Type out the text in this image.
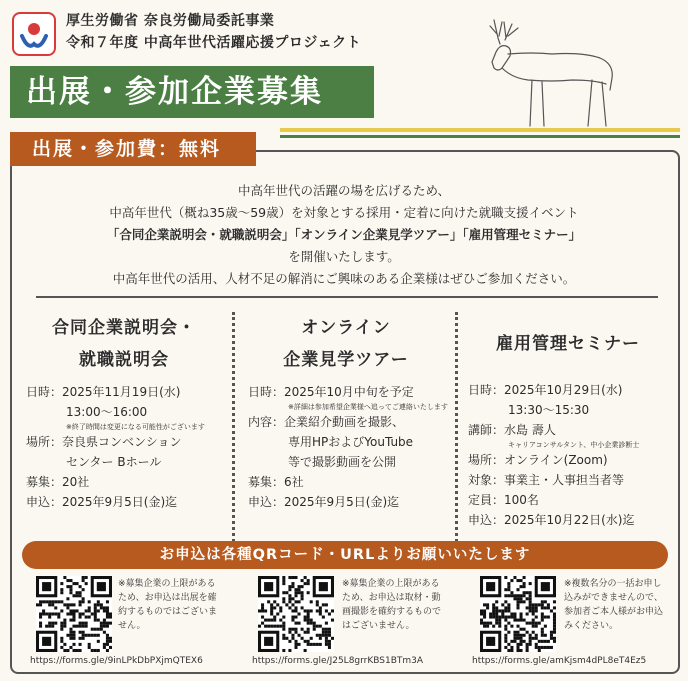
厚生労働省 奈良労働局委託事業
令和７年度 中高年世代活躍応援プロジェクト
出展・参加企業募集
出展・参加費：無料
中高年世代の活躍の場を広げるため、
中高年世代（概ね35歳〜59歳）を対象とする採用・定着に向けた就職支援イベント
「合同企業説明会・就職説明会」「オンライン企業見学ツアー」「雇用管理セミナー」
を開催いたします。
中高年世代の活用、人材不足の解消にご興味のある企業様はぜひご参加ください。
合同企業説明会・
就職説明会
日時：2025年11月19日(水)
13:00〜16:00
※終了時間は変更になる可能性がございます
場所：奈良県コンベンション
センター Bホール
募集：20社
申込：2025年9月5日(金)迄
オンライン
企業見学ツアー
日時：2025年10月中旬を予定
※詳細は参加希望企業様へ追ってご連絡いたします
内容：企業紹介動画を撮影、
専用HPおよびYouTube
等で撮影動画を公開
募集：6社
申込：2025年9月5日(金)迄
雇用管理セミナー
日時：2025年10月29日(水)
13:30〜15:30
講師：水島 壽人
キャリアコンサルタント、中小企業診断士
場所：オンライン(Zoom)
対象：事業主・人事担当者等
定員：100名
申込：2025年10月22日(水)迄
お申込は各種QRコード・URLよりお願いいたします
※募集企業の上限があるため、お申込は出展を確約するものではございません。
https://forms.gle/9inLPkDbPXjmQTEX6
※募集企業の上限があるため、お申込は取材・動画撮影を確約するものではございません。
https://forms.gle/J25L8grrKBS1BTm3A
※複数名分の一括お申し込みができませんので、参加者ご本人様がお申込みください。
https://forms.gle/amKjsm4dPL8eT4Ez5
